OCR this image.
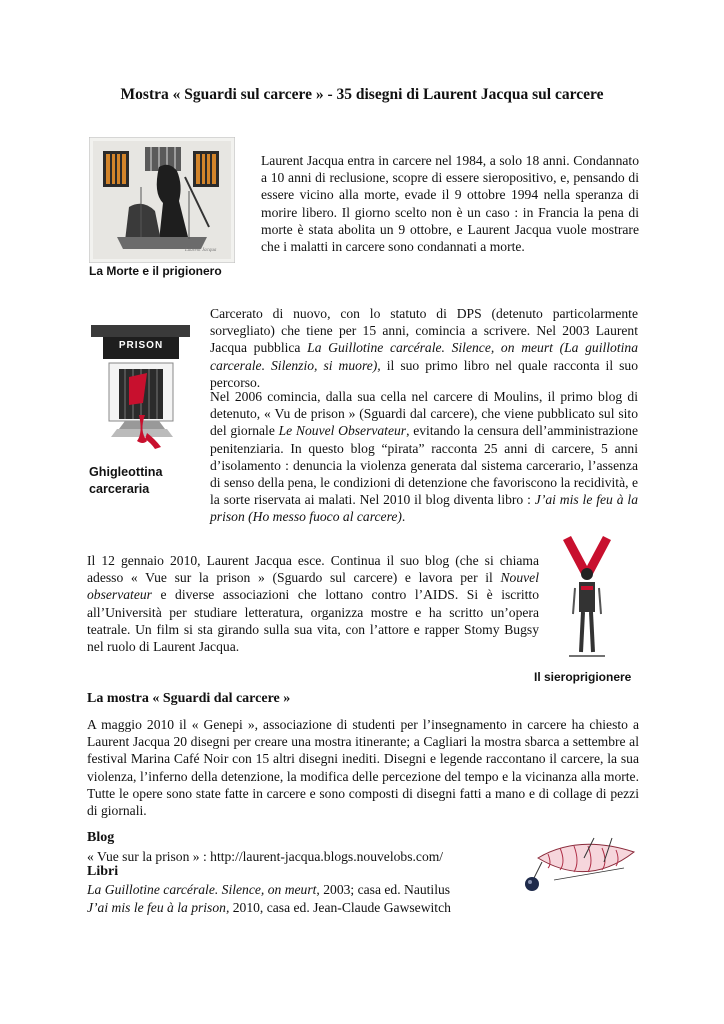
Mostra « Sguardi sul carcere » - 35 disegni di Laurent Jacqua sul carcere
Laurent Jacqua
La Morte e il prigionero
Laurent Jacqua entra in carcere nel 1984, a solo 18 anni. Condannato a 10 anni di reclusione, scopre di essere sieropositivo, e, pensando di essere vicino alla morte, evade il 9 ottobre 1994 nella speranza di morire libero. Il giorno scelto non è un caso : in Francia la pena di morte è stata abolita un 9 ottobre, e Laurent Jacqua vuole mostrare che i malatti in carcere sono condannati a morte.
PRISON
Ghigleottina carceraria
Carcerato di nuovo, con lo statuto di DPS (detenuto particolarmente sorvegliato) che tiene per 15 anni, comincia a scrivere. Nel 2003 Laurent Jacqua pubblica La Guillotine carcérale. Silence, on meurt (La guillotina carcerale. Silenzio, si muore), il suo primo libro nel quale racconta il suo percorso.
Nel 2006 comincia, dalla sua cella nel carcere di Moulins, il primo blog di detenuto, « Vu de prison » (Sguardi dal carcere), che viene pubblicato sul sito del giornale Le Nouvel Observateur, evitando la censura dell’amministrazione penitenziaria. In questo blog “pirata” racconta 25 anni di carcere, 5 anni d’isolamento : denuncia la violenza generata dal sistema carcerario, l’assenza di senso della pena, le condizioni di detenzione che favoriscono la recidività, e la sorte riservata ai malati. Nel 2010 il blog diventa libro : J’ai mis le feu à la prison (Ho messo fuoco al carcere).
Il 12 gennaio 2010, Laurent Jacqua esce. Continua il suo blog (che si chiama adesso « Vue sur la prison » (Sguardo sul carcere) e lavora per il Nouvel observateur e diverse associazioni che lottano contro l’AIDS. Si è iscritto all’Università per studiare letteratura, organizza mostre e ha scritto un’opera teatrale. Un film si sta girando sulla sua vita, con l’attore e rapper Stomy Bugsy nel ruolo di Laurent Jacqua.
Il sieroprigionere
La mostra « Sguardi dal carcere »
A maggio 2010 il « Genepi », associazione di studenti per l’insegnamento in carcere ha chiesto a Laurent Jacqua 20 disegni per creare una mostra itinerante; a Cagliari la mostra sbarca a settembre al festival Marina Café Noir con 15 altri disegni inediti. Disegni e legende raccontano il carcere, la sua violenza, l’inferno della detenzione, la modifica delle percezione del tempo e la vicinanza alla morte. Tutte le opere sono state fatte in carcere e sono composti di disegni fatti a mano e di collage di pezzi di giornali.
Blog
« Vue sur la prison » : http://laurent-jacqua.blogs.nouvelobs.com/
Libri
La Guillotine carcérale. Silence, on meurt, 2003; casa ed. Nautilus
J’ai mis le feu à la prison, 2010, casa ed. Jean-Claude Gawsewitch
